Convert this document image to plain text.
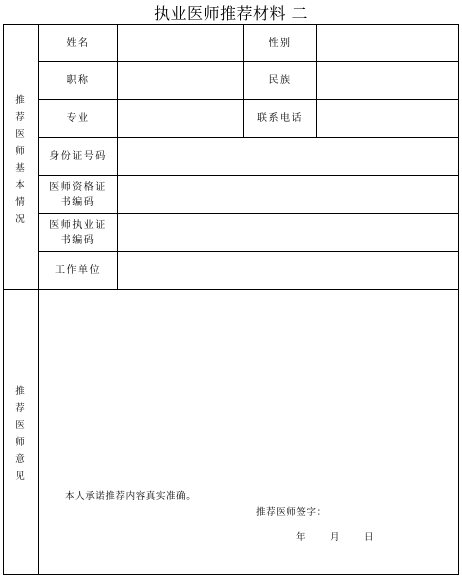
执业医师推荐材料 二
推荐医师基本情况
姓名	性别
职称	民族
专业	联系电话
身份证号码
医师资格证书编码
医师执业证书编码
工作单位
推荐医师意见
本人承诺推荐内容真实准确。
推荐医师签字：
年	月	日
